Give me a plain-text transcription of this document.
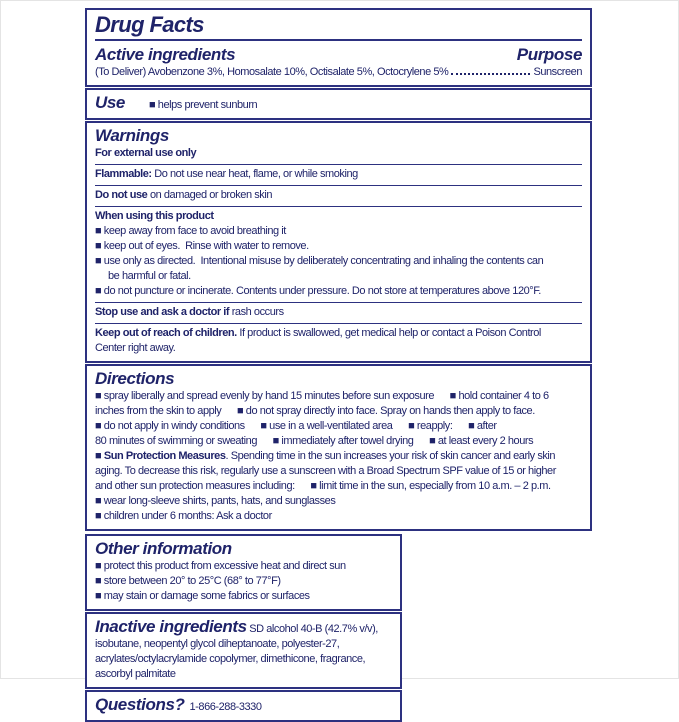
Drug Facts
Active ingredients	Purpose
(To Deliver) Avobenzone 3%, Homosalate 10%, Octisalate 5%, Octocrylene 5%	Sunscreen
Use ■ helps prevent sunburn
Warnings
For external use only
Flammable: Do not use near heat, flame, or while smoking
Do not use on damaged or broken skin
When using this product
■ keep away from face to avoid breathing it
■ keep out of eyes.  Rinse with water to remove.
■ use only as directed.  Intentional misuse by deliberately concentrating and inhaling the contents can
be harmful or fatal.
■ do not puncture or incinerate. Contents under pressure. Do not store at temperatures above 120°F.
Stop use and ask a doctor if rash occurs
Keep out of reach of children. If product is swallowed, get medical help or contact a Poison Control
Center right away.
Directions
■ spray liberally and spread evenly by hand 15 minutes before sun exposure      ■ hold container 4 to 6
inches from the skin to apply      ■ do not spray directly into face. Spray on hands then apply to face.
■ do not apply in windy conditions      ■ use in a well-ventilated area      ■ reapply:      ■ after
80 minutes of swimming or sweating      ■ immediately after towel drying      ■ at least every 2 hours
■ Sun Protection Measures. Spending time in the sun increases your risk of skin cancer and early skin
aging. To decrease this risk, regularly use a sunscreen with a Broad Spectrum SPF value of 15 or higher
and other sun protection measures including:      ■ limit time in the sun, especially from 10 a.m. – 2 p.m.
■ wear long-sleeve shirts, pants, hats, and sunglasses
■ children under 6 months: Ask a doctor
Other information
■ protect this product from excessive heat and direct sun
■ store between 20° to 25°C (68° to 77°F)
■ may stain or damage some fabrics or surfaces
Inactive ingredients SD alcohol 40-B (42.7% v/v),
isobutane, neopentyl glycol diheptanoate, polyester-27,
acrylates/octylacrylamide copolymer, dimethicone, fragrance,
ascorbyl palmitate
Questions? 1-866-288-3330
